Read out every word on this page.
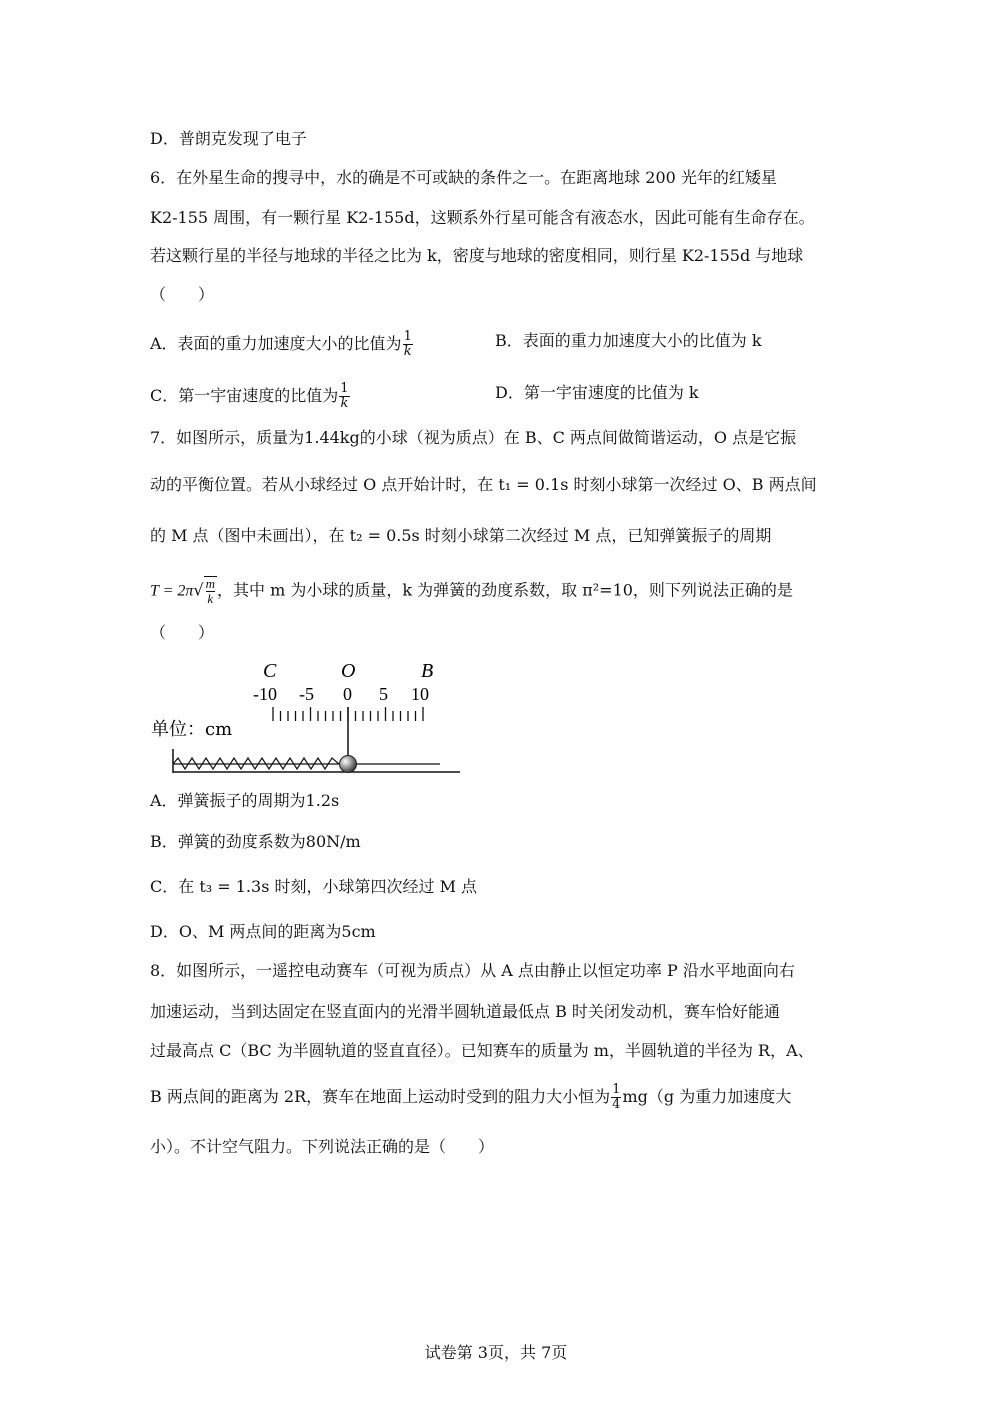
D．普朗克发现了电子
6．在外星生命的搜寻中，水的确是不可或缺的条件之一。在距离地球 200 光年的红矮星
K2-155 周围，有一颗行星 K2-155d，这颗系外行星可能含有液态水，因此可能有生命存在。
若这颗行星的半径与地球的半径之比为 k，密度与地球的密度相同，则行星 K2-155d 与地球
（　　）
A．表面的重力加速度大小的比值为 $\frac{1}{k}$	B．表面的重力加速度大小的比值为 k
C．第一宇宙速度的比值为 $\frac{1}{k}$	D．第一宇宙速度的比值为 k
7．如图所示，质量为1.44kg的小球（视为质点）在 B、C 两点间做简谐运动，O 点是它振
动的平衡位置。若从小球经过 O 点开始计时，在 t₁ = 0.1s 时刻小球第一次经过 O、B 两点间
的 M 点（图中未画出），在 t₂ = 0.5s 时刻小球第二次经过 M 点，已知弹簧振子的周期
$T = 2\pi√ \frac{m}{k}$ ，其中 m 为小球的质量，k 为弹簧的劲度系数，取 π²=10，则下列说法正确的是
（　　）
C	O	B
-10 -5 0 5 10
单位：cm
A．弹簧振子的周期为1.2s
B．弹簧的劲度系数为80N/m
C．在 t₃ = 1.3s 时刻，小球第四次经过 M 点
D．O、M 两点间的距离为5cm
8．如图所示，一遥控电动赛车（可视为质点）从 A 点由静止以恒定功率 P 沿水平地面向右
加速运动，当到达固定在竖直面内的光滑半圆轨道最低点 B 时关闭发动机，赛车恰好能通
过最高点 C（BC 为半圆轨道的竖直直径）。已知赛车的质量为 m，半圆轨道的半径为 R，A、
B 两点间的距离为 2R，赛车在地面上运动时受到的阻力大小恒为 $\frac{1}{4} mg(g$ 为重力加速度大
小）。不计空气阻力。下列说法正确的是（　　）
试卷第 3页，共 7页
